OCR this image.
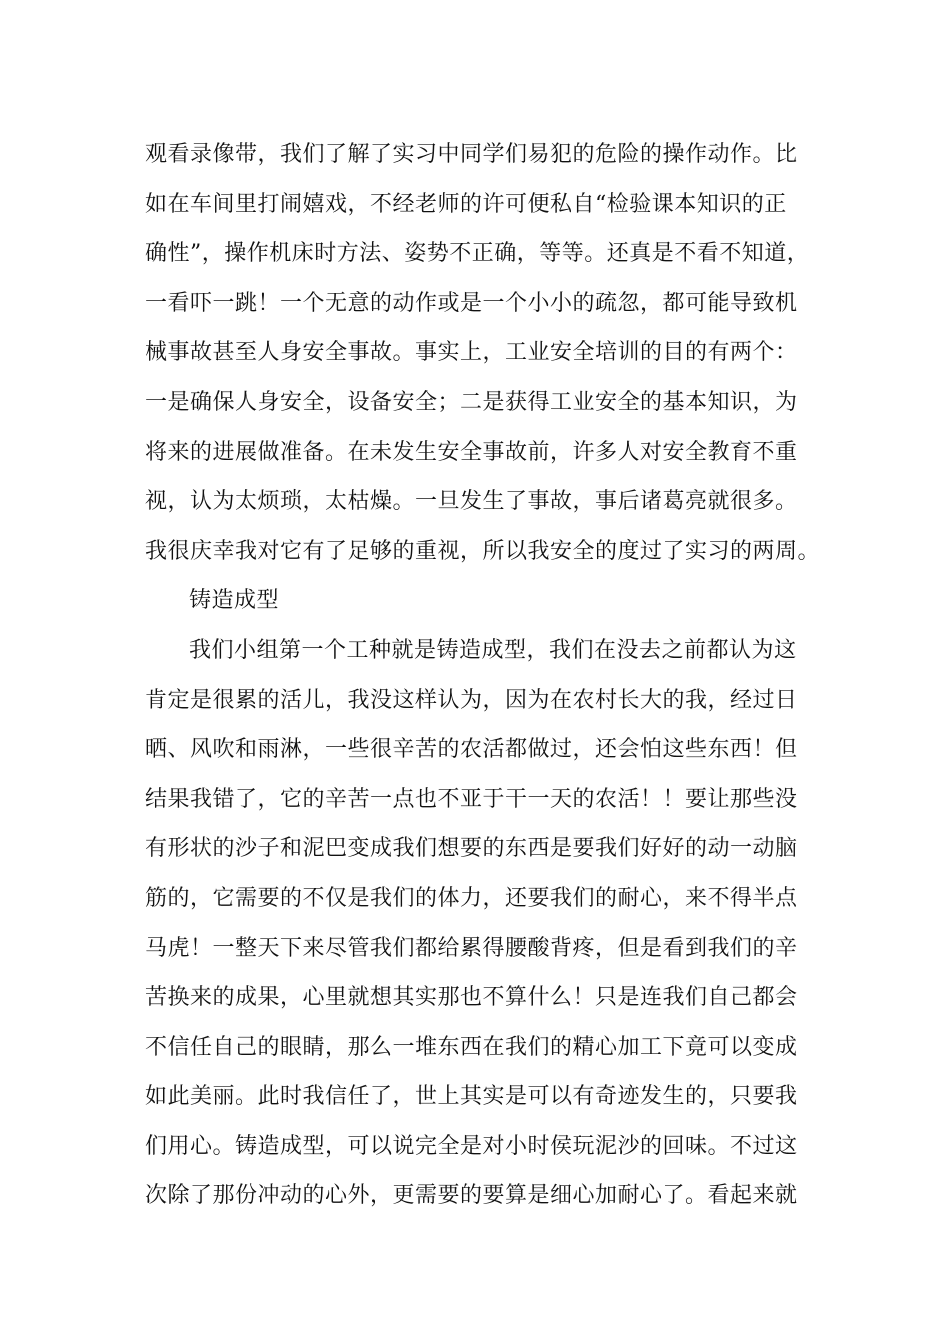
观看录像带，我们了解了实习中同学们易犯的危险的操作动作。比
如在车间里打闹嬉戏，不经老师的许可便私自“检验课本知识的正
确性”，操作机床时方法、姿势不正确，等等。还真是不看不知道，
一看吓一跳！一个无意的动作或是一个小小的疏忽，都可能导致机
械事故甚至人身安全事故。事实上，工业安全培训的目的有两个：
一是确保人身安全，设备安全；二是获得工业安全的基本知识，为
将来的进展做准备。在未发生安全事故前，许多人对安全教育不重
视，认为太烦琐，太枯燥。一旦发生了事故，事后诸葛亮就很多。
我很庆幸我对它有了足够的重视，所以我安全的度过了实习的两周。
铸造成型
我们小组第一个工种就是铸造成型，我们在没去之前都认为这
肯定是很累的活儿，我没这样认为，因为在农村长大的我，经过日
晒、风吹和雨淋，一些很辛苦的农活都做过，还会怕这些东西！但
结果我错了，它的辛苦一点也不亚于干一天的农活！！要让那些没
有形状的沙子和泥巴变成我们想要的东西是要我们好好的动一动脑
筋的，它需要的不仅是我们的体力，还要我们的耐心，来不得半点
马虎！一整天下来尽管我们都给累得腰酸背疼，但是看到我们的辛
苦换来的成果，心里就想其实那也不算什么！只是连我们自己都会
不信任自己的眼睛，那么一堆东西在我们的精心加工下竟可以变成
如此美丽。此时我信任了，世上其实是可以有奇迹发生的，只要我
们用心。铸造成型，可以说完全是对小时侯玩泥沙的回味。不过这
次除了那份冲动的心外，更需要的要算是细心加耐心了。看起来就
